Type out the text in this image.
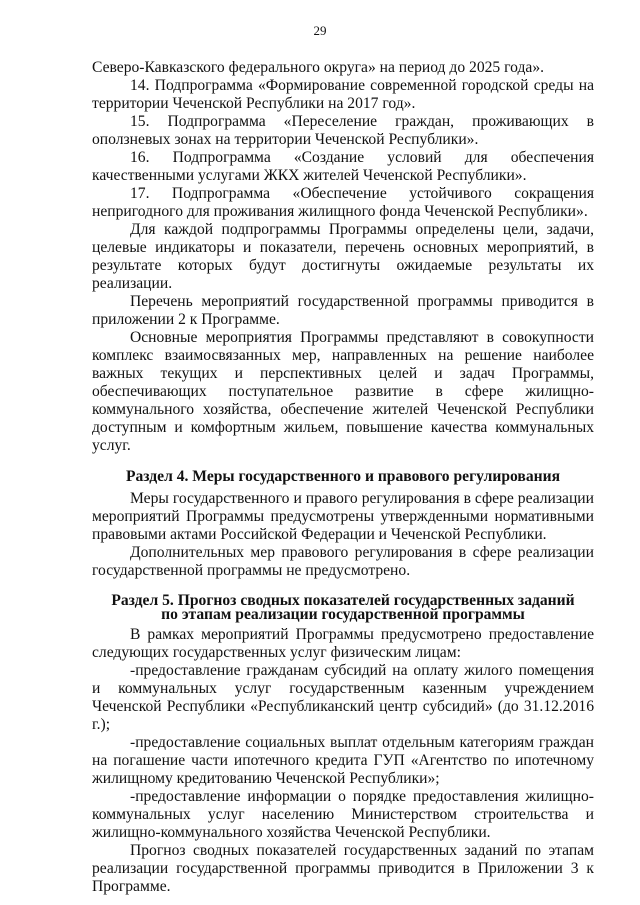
29

Северо-Кавказского федерального округа» на период до 2025 года».

14. Подпрограмма «Формирование современной городской среды на территории Чеченской Республики на 2017 год».

15. Подпрограмма «Переселение граждан, проживающих в оползневых зонах на территории Чеченской Республики».

16. Подпрограмма «Создание условий для обеспечения качественными услугами ЖКХ жителей Чеченской Республики».

17. Подпрограмма «Обеспечение устойчивого сокращения непригодного для проживания жилищного фонда Чеченской Республики».

Для каждой подпрограммы Программы определены цели, задачи, целевые индикаторы и показатели, перечень основных мероприятий, в результате которых будут достигнуты ожидаемые результаты их реализации.

Перечень мероприятий государственной программы приводится в приложении 2 к Программе.

Основные мероприятия Программы представляют в совокупности комплекс взаимосвязанных мер, направленных на решение наиболее важных текущих и перспективных целей и задач Программы, обеспечивающих поступательное развитие в сфере жилищно-коммунального хозяйства, обеспечение жителей Чеченской Республики доступным и комфортным жильем, повышение качества коммунальных услуг.

Раздел 4. Меры государственного и правового регулирования

Меры государственного и правого регулирования в сфере реализации мероприятий Программы предусмотрены утвержденными нормативными правовыми актами Российской Федерации и Чеченской Республики.

Дополнительных мер правового регулирования в сфере реализации государственной программы не предусмотрено.

Раздел 5. Прогноз сводных показателей государственных заданий
по этапам реализации государственной программы

В рамках мероприятий Программы предусмотрено предоставление следующих государственных услуг физическим лицам:

-предоставление гражданам субсидий на оплату жилого помещения и коммунальных услуг государственным казенным учреждением Чеченской Республики «Республиканский центр субсидий» (до 31.12.2016 г.);

-предоставление социальных выплат отдельным категориям граждан на погашение части ипотечного кредита ГУП «Агентство по ипотечному жилищному кредитованию Чеченской Республики»;

-предоставление информации о порядке предоставления жилищно-коммунальных услуг населению Министерством строительства и жилищно-коммунального хозяйства Чеченской Республики.

Прогноз сводных показателей государственных заданий по этапам реализации государственной программы приводится в Приложении 3 к Программе.
